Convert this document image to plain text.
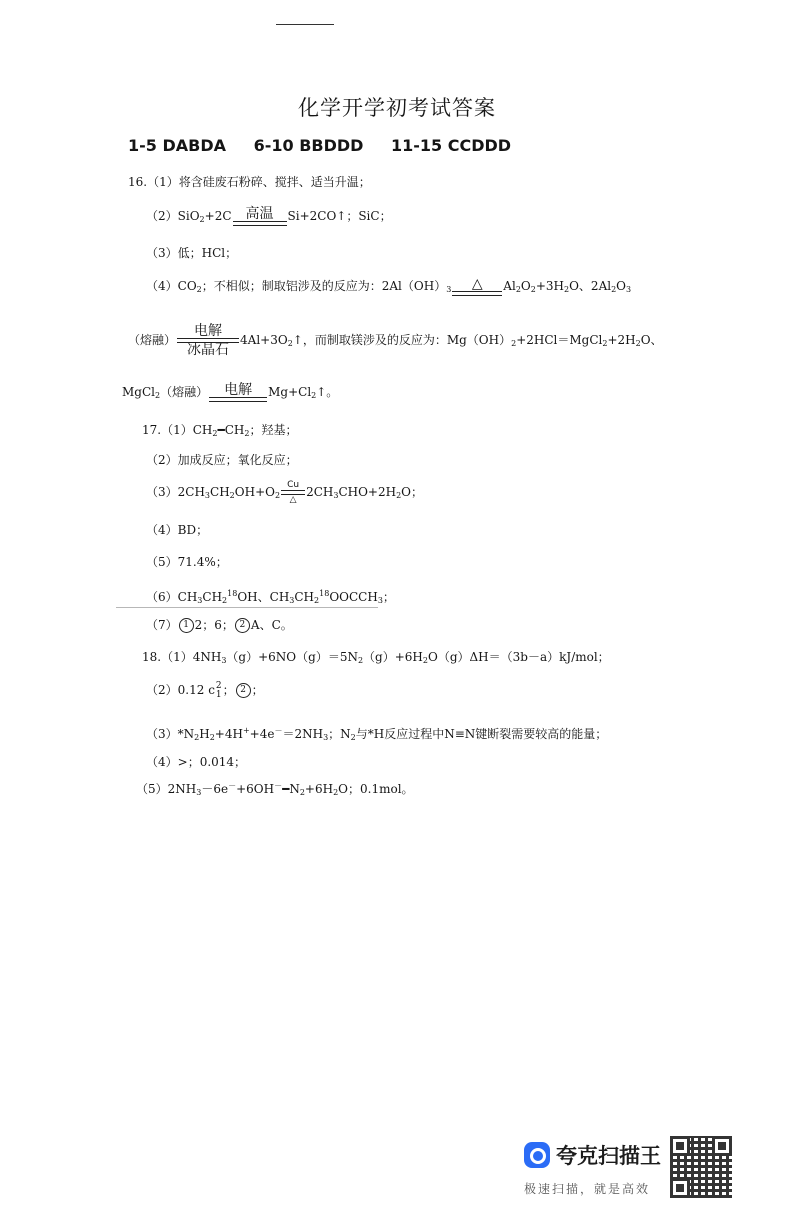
化学开学初考试答案
1-5 DABDA 6-10 BBDDD 11-15 CCDDD
16.（1）将含硅废石粉碎、搅拌、适当升温；
（2）SiO$_2$+2C	高温	Si+2CO↑；SiC；
（3）低；HCl；
$(4)CO_2$；不相似；制取铝涉及的反应为：$2Al(OH)_3$	△	$Al_2O_2+3H_2O$、$2Al_2O_3$
（熔融）
电解
冰晶石
$4Al+3O_2↑$，而制取镁涉及的反应为：$Mg(OH)_2+2HCl=MgCl_2+2H_2O$、
MgCl$_2$（熔融）	电解	$Mg+Cl_2↑$。
$17.(1)CH_2━CH_2$；羟基；
（2）加成反应；氧化反应；
$(3)2CH_3CH_2OH+O_2$
Cu
△
$2CH_3CHO+2H_2O$；
（4）BD；
（5）71.4%；
$(6)CH_3CH_2^{18}OH$、$CH_3CH_2^{18}OOCCH_3$；
（7） 1 2；6； 2 A、C。
$18.(1)4NH_3(g)+6NO(g)=5N_2(g)+6H_2O(g)\Delta H=(3b-a)kJ$/mol；
（2）0.12 c 2
1 ； 2 ；
$(3)*N_2H_2+4H^++4e^-=2NH_3$；$N_2$与*H反应过程中N≡N键断裂需要较高的能量；
（4）>；0.014；
$(5)2NH_3-6e^-+6OH^-━N_2+6H_2O$；0.1mol。
夸克扫描王
极速扫描，就是高效
